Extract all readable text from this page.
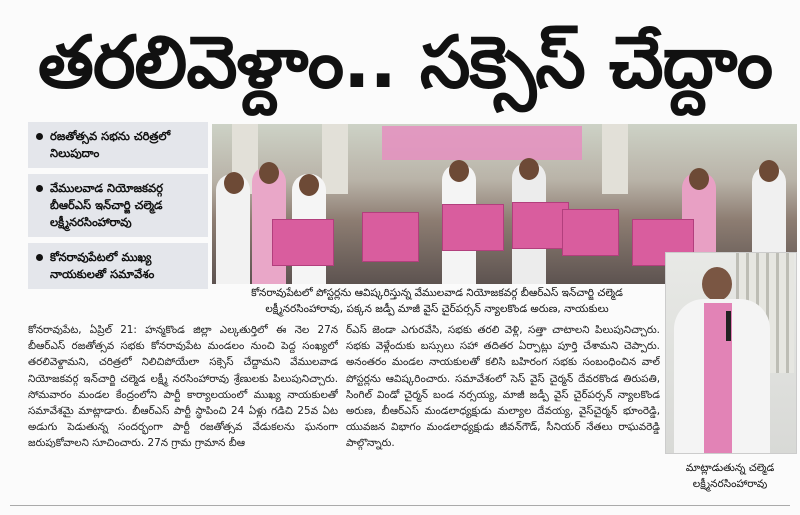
తరలివెళ్దాం.. సక్సెస్ చేద్దాం
రజతోత్సవ సభను చరిత్రలో నిలుపుదాం
వేములవాడ నియోజకవర్గ బీఆర్ఎస్ ఇన్‌చార్జి చల్మెడ లక్ష్మీనరసింహారావు
కోనరావుపేటలో ముఖ్య నాయకులతో సమావేశం
కోనరావుపేటలో పోస్టర్లను ఆవిష్కరిస్తున్న వేములవాడ నియోజకవర్గ బీఆర్ఎస్ ఇన్‌చార్జి చల్మెడ లక్ష్మీనరసింహారావు, పక్కన జడ్పీ మాజీ వైస్ చైర్‌పర్సన్ న్యాలకొండ అరుణ, నాయకులు
మాట్లాడుతున్న చల్మెడ లక్ష్మీనరసింహారావు
కోనరావుపేట, ఏప్రిల్ 21: హన్మకొండ జిల్లా ఎల్కతుర్తిలో ఈ నెల 27న బీఆర్ఎస్ రజతోత్సవ సభకు కోనరావుపేట మండలం నుంచి పెద్ద సంఖ్యలో తరలివెళ్దామని, చరిత్రలో నిలిచిపోయేలా సక్సెస్ చేద్దామని వేములవాడ నియోజకవర్గ ఇన్‌చార్జి చల్మెడ లక్ష్మీ నరసింహారావు శ్రేణులకు పిలుపునిచ్చారు. సోమవారం మండల కేంద్రంలోని పార్టీ కార్యాలయంలో ముఖ్య నాయకులతో సమావేశమై మాట్లాడారు. బీఆర్ఎస్ పార్టీ స్థాపించి 24 ఏళ్లు గడిచి 25వ ఏట అడుగు పెడుతున్న సందర్భంగా పార్టీ రజతోత్సవ వేడుకలను ఘనంగా జరుపుకోవాలని సూచించారు. 27న గ్రామ గ్రామాన బీఆ
ర్ఎస్ జెండా ఎగురవేసి, సభకు తరలి వెళ్లి, సత్తా చాటాలని పిలుపునిచ్చారు. సభకు వెళ్లేందుకు బస్సులు సహా తదితర ఏర్పాట్లు పూర్తి చేశామని చెప్పారు. అనంతరం మండల నాయకులతో కలిసి బహిరంగ సభకు సంబంధించిన వాల్ పోస్టర్లను ఆవిష్కరించారు. సమావేశంలో సెస్ వైస్ చైర్మన్ దేవరకొండ తిరుపతి, సింగిల్ విండో చైర్మన్ బండ నర్సయ్య, మాజీ జడ్పీ వైస్ చైర్‌పర్సన్ న్యాలకొండ అరుణ, బీఆర్ఎస్ మండలాధ్యక్షుడు మల్యాల దేవయ్య, వైస్‌చైర్మన్ భూంరెడ్డి, యువజన విభాగం మండలాధ్యక్షుడు జీవన్‌గౌడ్, సీనియర్ నేతలు రాఘవరెడ్డి పాల్గొన్నారు.
